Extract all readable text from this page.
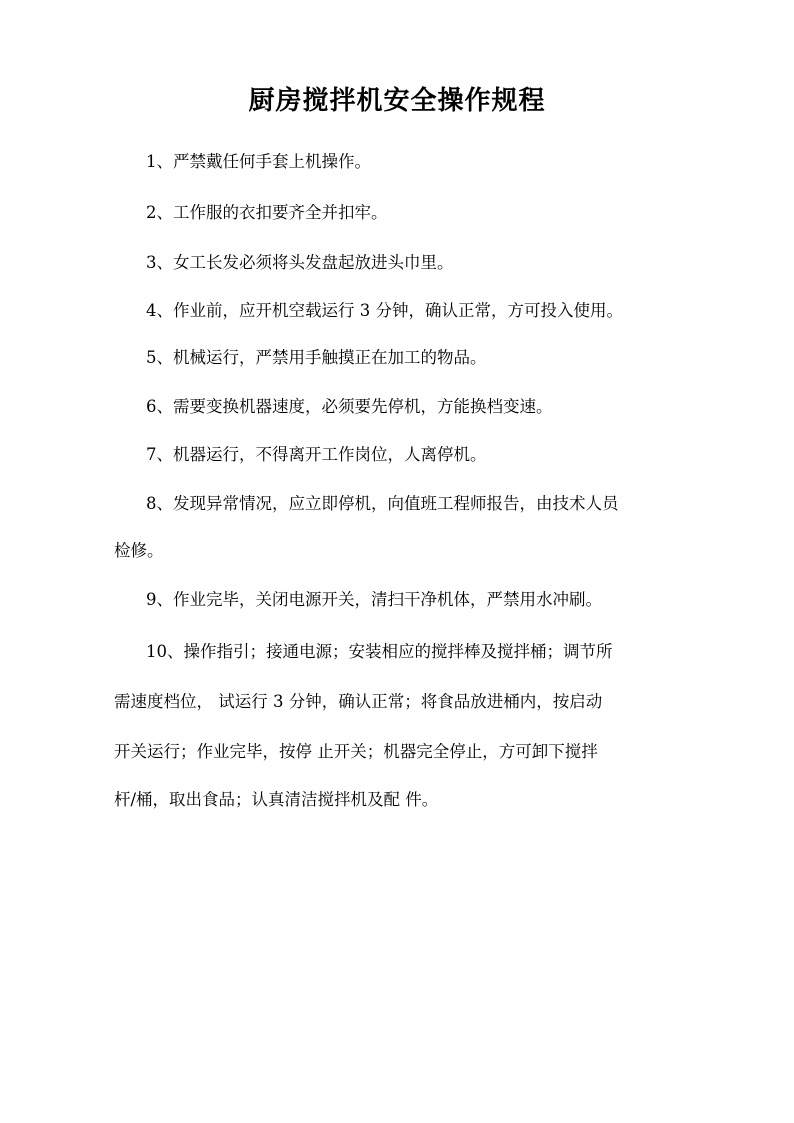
厨房搅拌机安全操作规程
1、严禁戴任何手套上机操作。
2、工作服的衣扣要齐全并扣牢。
3、女工长发必须将头发盘起放进头巾里。
4、作业前，应开机空载运行 3 分钟，确认正常，方可投入使用。
5、机械运行，严禁用手触摸正在加工的物品。
6、需要变换机器速度，必须要先停机，方能换档变速。
7、机器运行，不得离开工作岗位，人离停机。
8、发现异常情况，应立即停机，向值班工程师报告，由技术人员
检修。
9、作业完毕，关闭电源开关，清扫干净机体，严禁用水冲刷。
10、操作指引；接通电源；安装相应的搅拌棒及搅拌桶；调节所
需速度档位， 试运行 3 分钟，确认正常；将食品放进桶内，按启动
开关运行；作业完毕，按停 止开关；机器完全停止，方可卸下搅拌
杆/桶，取出食品；认真清洁搅拌机及配 件。
